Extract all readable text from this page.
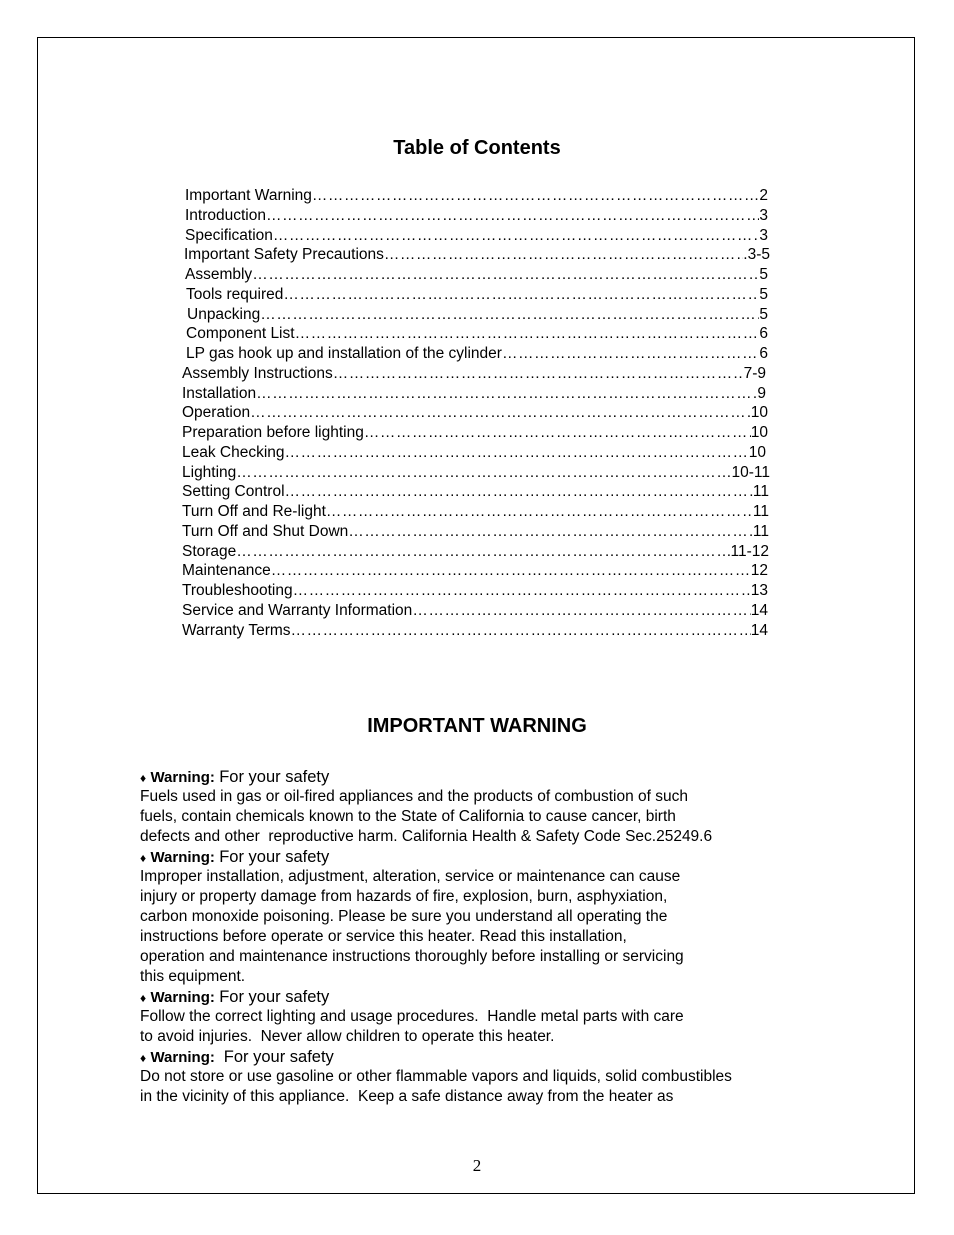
Table of Contents
Important Warning ……………………………………………………………………………………………………………………………………………………	2
Introduction ……………………………………………………………………………………………………………………………………………………	3
Specification ……………………………………………………………………………………………………………………………………………………	3
Important Safety Precautions ……………………………………………………………………………………………………………………………………………………	.3-5
Assembly ……………………………………………………………………………………………………………………………………………………	5
Tools required ……………………………………………………………………………………………………………………………………………………	5
Unpacking ……………………………………………………………………………………………………………………………………………………	5
Component List ……………………………………………………………………………………………………………………………………………………	6
LP gas hook up and installation of the cylinder ……………………………………………………………………………………………………………………………………………………	6
Assembly Instructions ……………………………………………………………………………………………………………………………………………………	7-9
Installation ……………………………………………………………………………………………………………………………………………………	9
Operation ……………………………………………………………………………………………………………………………………………………	10
Preparation before lighting ……………………………………………………………………………………………………………………………………………………	10
Leak Checking ……………………………………………………………………………………………………………………………………………………	10
Lighting ……………………………………………………………………………………………………………………………………………………	10-11
Setting Control ……………………………………………………………………………………………………………………………………………………	11
Turn Off and Re-light ……………………………………………………………………………………………………………………………………………………	11
Turn Off and Shut Down ……………………………………………………………………………………………………………………………………………………	11
Storage ……………………………………………………………………………………………………………………………………………………	11-12
Maintenance ……………………………………………………………………………………………………………………………………………………	12
Troubleshooting ……………………………………………………………………………………………………………………………………………………	13
Service and Warranty Information ……………………………………………………………………………………………………………………………………………………	14
Warranty Terms ……………………………………………………………………………………………………………………………………………………	14
IMPORTANT WARNING
♦ Warning: For your safety
Fuels used in gas or oil-fired appliances and the products of combustion of such
fuels, contain chemicals known to the State of California to cause cancer, birth
defects and other  reproductive harm. California Health & Safety Code Sec.25249.6
♦ Warning: For your safety
Improper installation, adjustment, alteration, service or maintenance can cause
injury or property damage from hazards of fire, explosion, burn, asphyxiation,
carbon monoxide poisoning. Please be sure you understand all operating the
instructions before operate or service this heater. Read this installation,
operation and maintenance instructions thoroughly before installing or servicing
this equipment.
♦ Warning: For your safety
Follow the correct lighting and usage procedures.  Handle metal parts with care
to avoid injuries.  Never allow children to operate this heater.
♦ Warning:  For your safety
Do not store or use gasoline or other flammable vapors and liquids, solid combustibles
in the vicinity of this appliance.  Keep a safe distance away from the heater as
2
